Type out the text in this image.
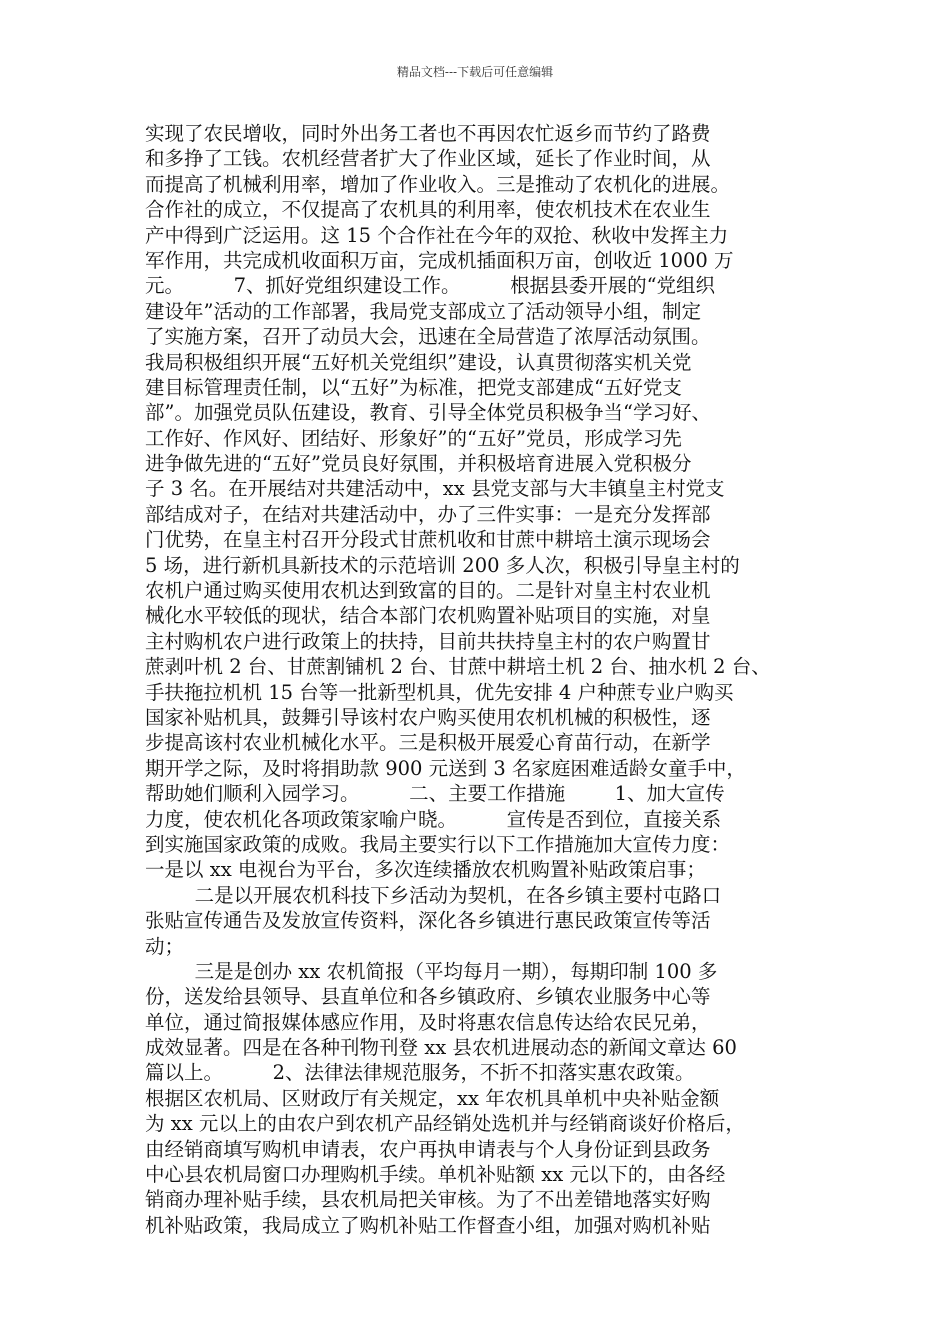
精品文档---下载后可任意编辑
实现了农民增收，同时外出务工者也不再因农忙返乡而节约了路费
和多挣了工钱。农机经营者扩大了作业区域，延长了作业时间，从
而提高了机械利用率，增加了作业收入。三是推动了农机化的进展。
合作社的成立，不仅提高了农机具的利用率，使农机技术在农业生
产中得到广泛运用。这 15 个合作社在今年的双抢、秋收中发挥主力
军作用，共完成机收面积万亩，完成机插面积万亩，创收近 1000 万
元。        7、抓好党组织建设工作。        根据县委开展的“党组织
建设年”活动的工作部署，我局党支部成立了活动领导小组，制定
了实施方案，召开了动员大会，迅速在全局营造了浓厚活动氛围。
我局积极组织开展“五好机关党组织”建设，认真贯彻落实机关党
建目标管理责任制，以“五好”为标准，把党支部建成“五好党支
部”。加强党员队伍建设，教育、引导全体党员积极争当“学习好、
工作好、作风好、团结好、形象好”的“五好”党员，形成学习先
进争做先进的“五好”党员良好氛围，并积极培育进展入党积极分
子 3 名。在开展结对共建活动中，xx 县党支部与大丰镇皇主村党支
部结成对子，在结对共建活动中，办了三件实事：一是充分发挥部
门优势，在皇主村召开分段式甘蔗机收和甘蔗中耕培土演示现场会
5 场，进行新机具新技术的示范培训 200 多人次，积极引导皇主村的
农机户通过购买使用农机达到致富的目的。二是针对皇主村农业机
械化水平较低的现状，结合本部门农机购置补贴项目的实施，对皇
主村购机农户进行政策上的扶持，目前共扶持皇主村的农户购置甘
蔗剥叶机 2 台、甘蔗割铺机 2 台、甘蔗中耕培土机 2 台、抽水机 2 台、
手扶拖拉机机 15 台等一批新型机具，优先安排 4 户种蔗专业户购买
国家补贴机具，鼓舞引导该村农户购买使用农机机械的积极性，逐
步提高该村农业机械化水平。三是积极开展爱心育苗行动，在新学
期开学之际，及时将捐助款 900 元送到 3 名家庭困难适龄女童手中，
帮助她们顺利入园学习。        二、主要工作措施        1、加大宣传
力度，使农机化各项政策家喻户晓。        宣传是否到位，直接关系
到实施国家政策的成败。我局主要实行以下工作措施加大宣传力度：
一是以 xx 电视台为平台，多次连续播放农机购置补贴政策启事；
二是以开展农机科技下乡活动为契机，在各乡镇主要村屯路口
张贴宣传通告及发放宣传资料，深化各乡镇进行惠民政策宣传等活
动；
三是是创办 xx 农机简报（平均每月一期），每期印制 100 多
份，送发给县领导、县直单位和各乡镇政府、乡镇农业服务中心等
单位，通过简报媒体感应作用，及时将惠农信息传达给农民兄弟，
成效显著。四是在各种刊物刊登 xx 县农机进展动态的新闻文章达 60
篇以上。        2、法律法律规范服务，不折不扣落实惠农政策。
根据区农机局、区财政厅有关规定，xx 年农机具单机中央补贴金额
为 xx 元以上的由农户到农机产品经销处选机并与经销商谈好价格后，
由经销商填写购机申请表，农户再执申请表与个人身份证到县政务
中心县农机局窗口办理购机手续。单机补贴额 xx 元以下的，由各经
销商办理补贴手续，县农机局把关审核。为了不出差错地落实好购
机补贴政策，我局成立了购机补贴工作督查小组，加强对购机补贴
